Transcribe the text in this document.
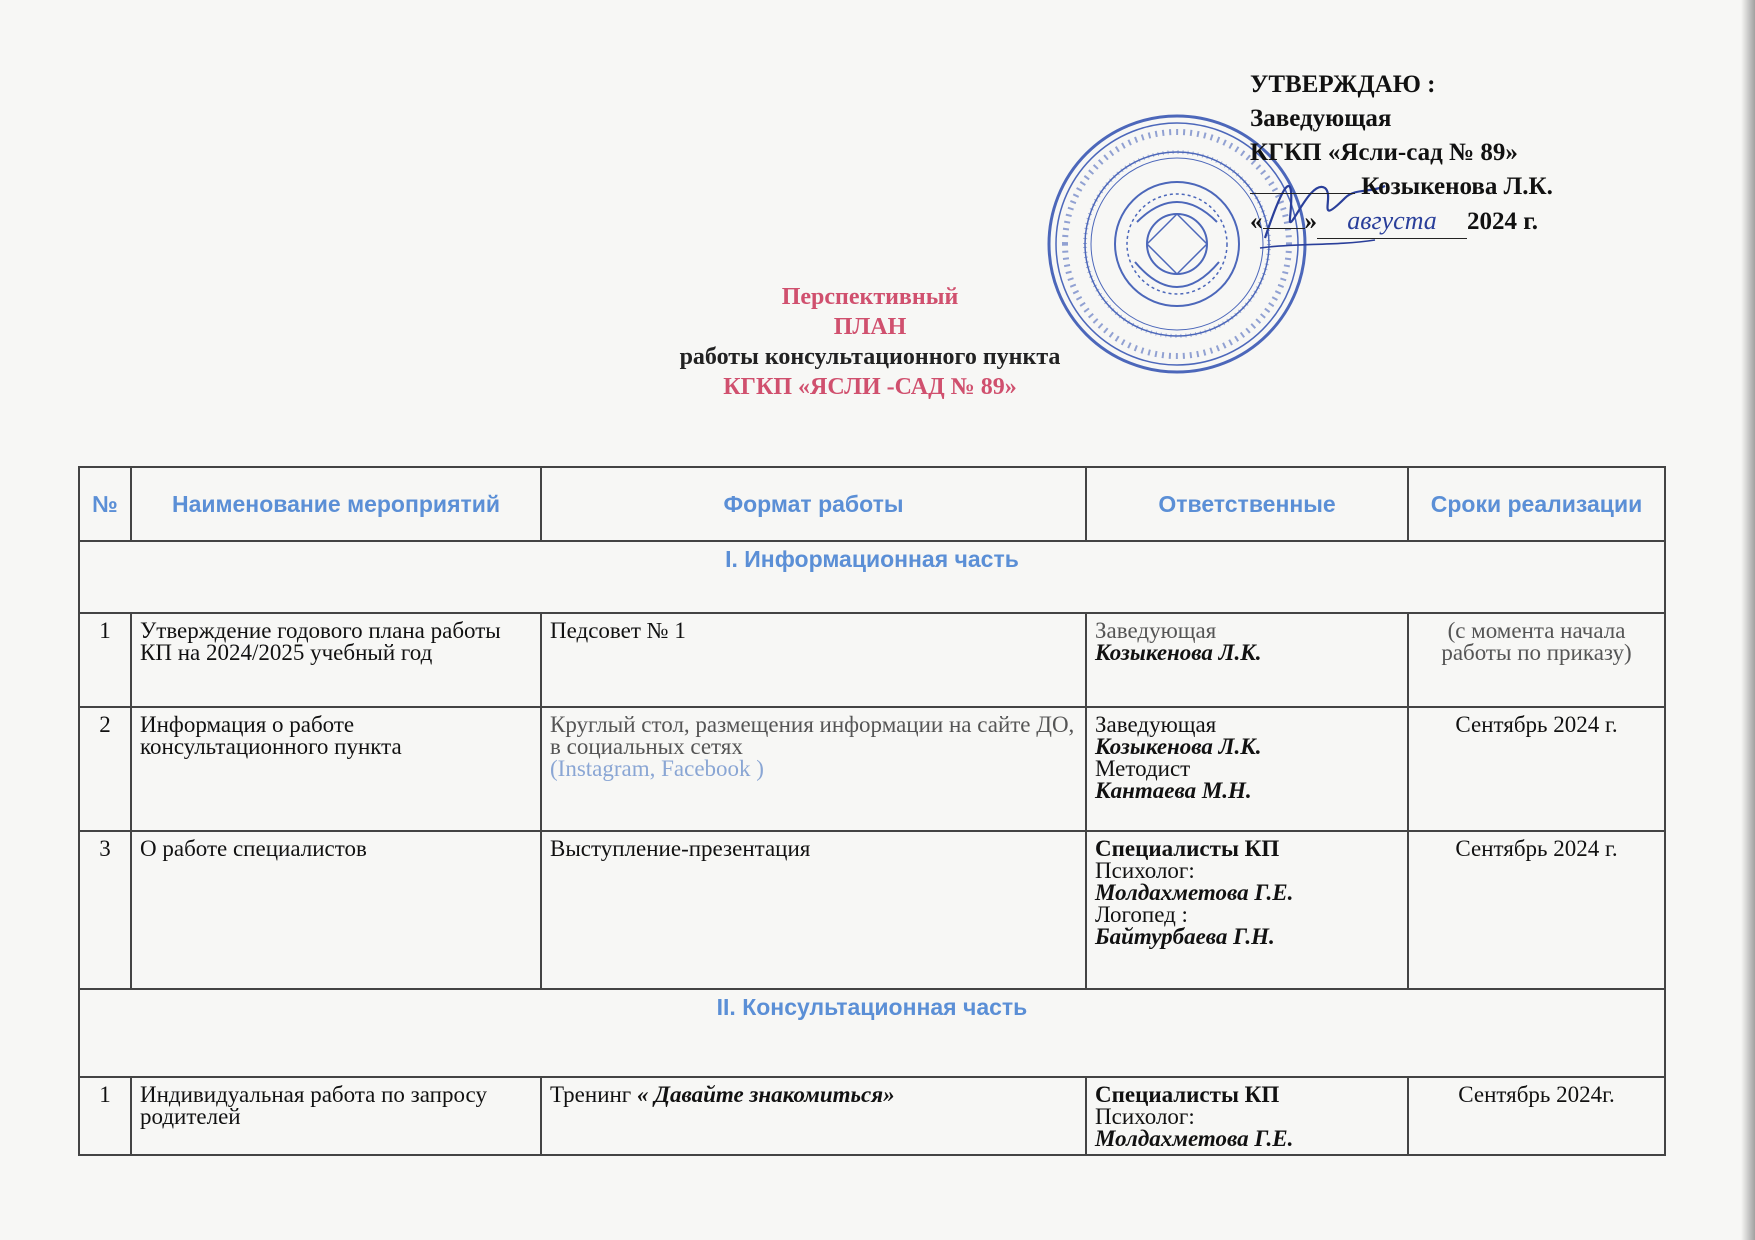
УТВЕРЖДАЮ :
Заведующая
КГКП «Ясли-сад № 89»
Козыкенова Л.К.
« » августа 2024 г.
Перспективный
ПЛАН
работы консультационного пункта
КГКП «ЯСЛИ -САД № 89»
№	Наименование мероприятий	Формат работы	Ответственные	Сроки реализации
I. Информационная часть				
1	Утверждение годового плана работы КП на 2024/2025 учебный год	Педсовет № 1	Заведующая
Козыкенова Л.К.	(с момента начала работы по приказу)
2	Информация о работе консультационного пункта	Круглый стол, размещения информации на сайте ДО, в социальных сетях
(Instagram, Facebook )	Заведующая
Козыкенова Л.К.
Методист
Кантаева М.Н.	Сентябрь 2024 г.
3	О работе специалистов	Выступление-презентация	Специалисты КП
Психолог:
Молдахметова Г.Е.
Логопед :
Байтурбаева Г.Н.	Сентябрь 2024 г.
II. Консультационная часть				
1	Индивидуальная работа по запросу родителей	Тренинг « Давайте знакомиться»	Специалисты КП
Психолог:
Молдахметова Г.Е.	Сентябрь 2024г.
